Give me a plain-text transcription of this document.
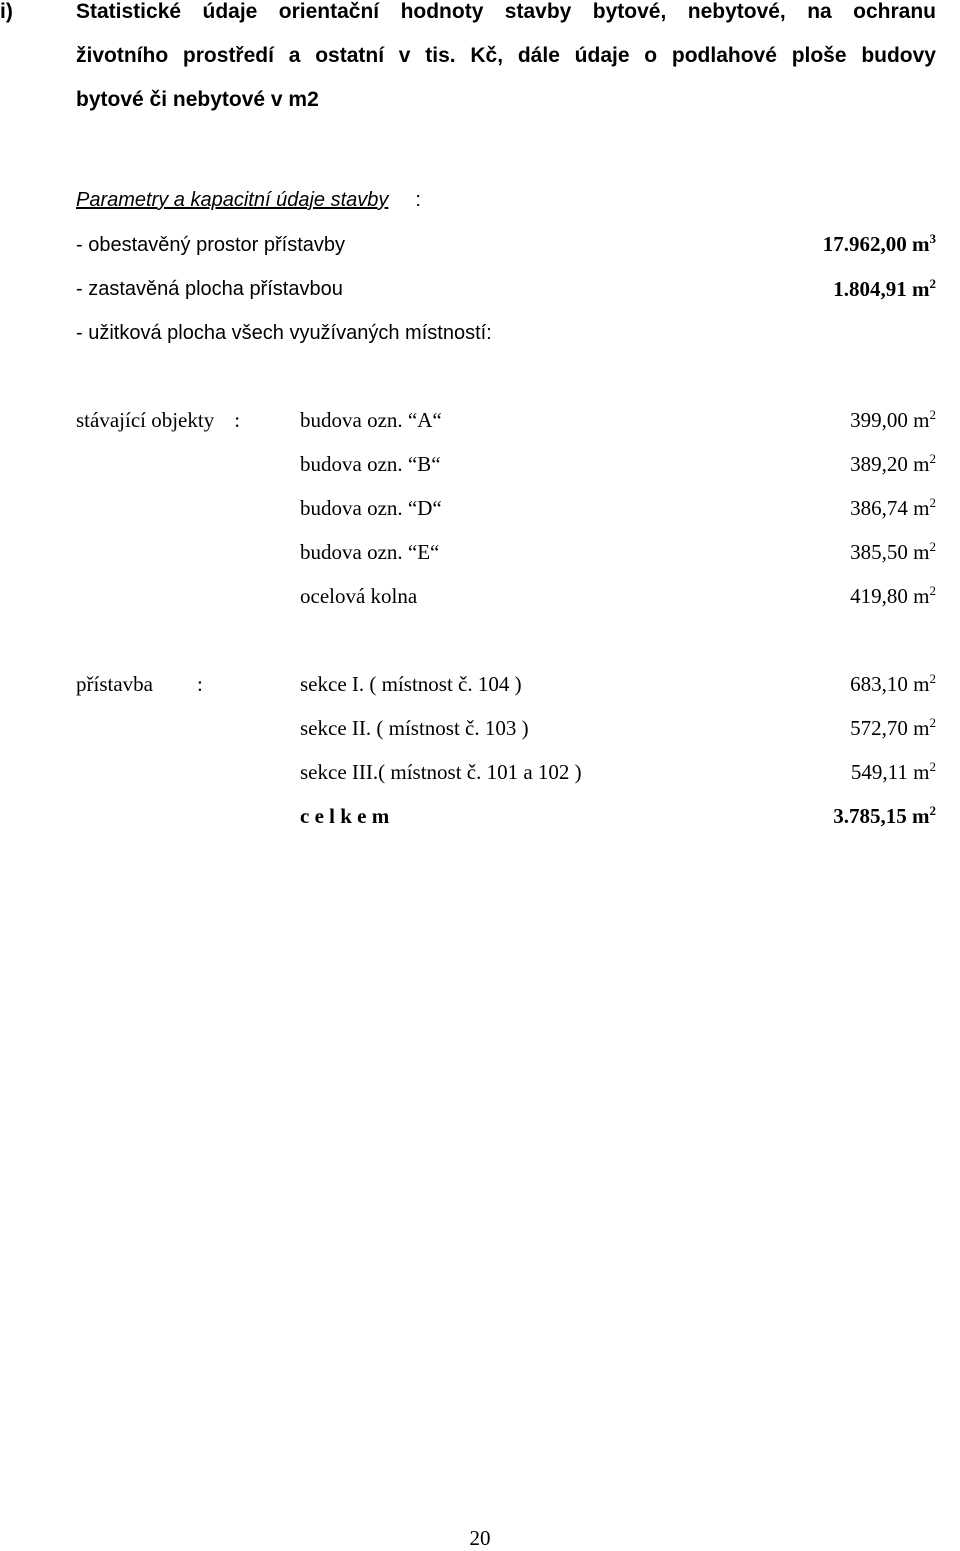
i)	Statistické údaje orientační hodnoty stavby bytové, nebytové, na ochranu
životního prostředí a ostatní v tis. Kč, dále údaje o podlahové ploše budovy
bytové či nebytové v m2
Parametry a kapacitní údaje stavby :
- obestavěný prostor přístavby	17.962,00 $m^3$
- zastavěná plocha přístavbou	1.804,91 $m^2$
- užitková plocha všech využívaných místností:
stávající objekty :	budova ozn. “A“	399,00 $m^2$
budova ozn. “B“	389,20 $m^2$
budova ozn. “D“	386,74 $m^2$
budova ozn. “E“	385,50 $m^2$
ocelová kolna	419,80 $m^2$
přístavba :	sekce I. ( místnost č. 104 )	683,10 $m^2$
sekce II. ( místnost č. 103 )	572,70 $m^2$
sekce III.( místnost č. 101 a 102 )	549,11 $m^2$
c e l k e m	3.785,15 $m^2$
20
